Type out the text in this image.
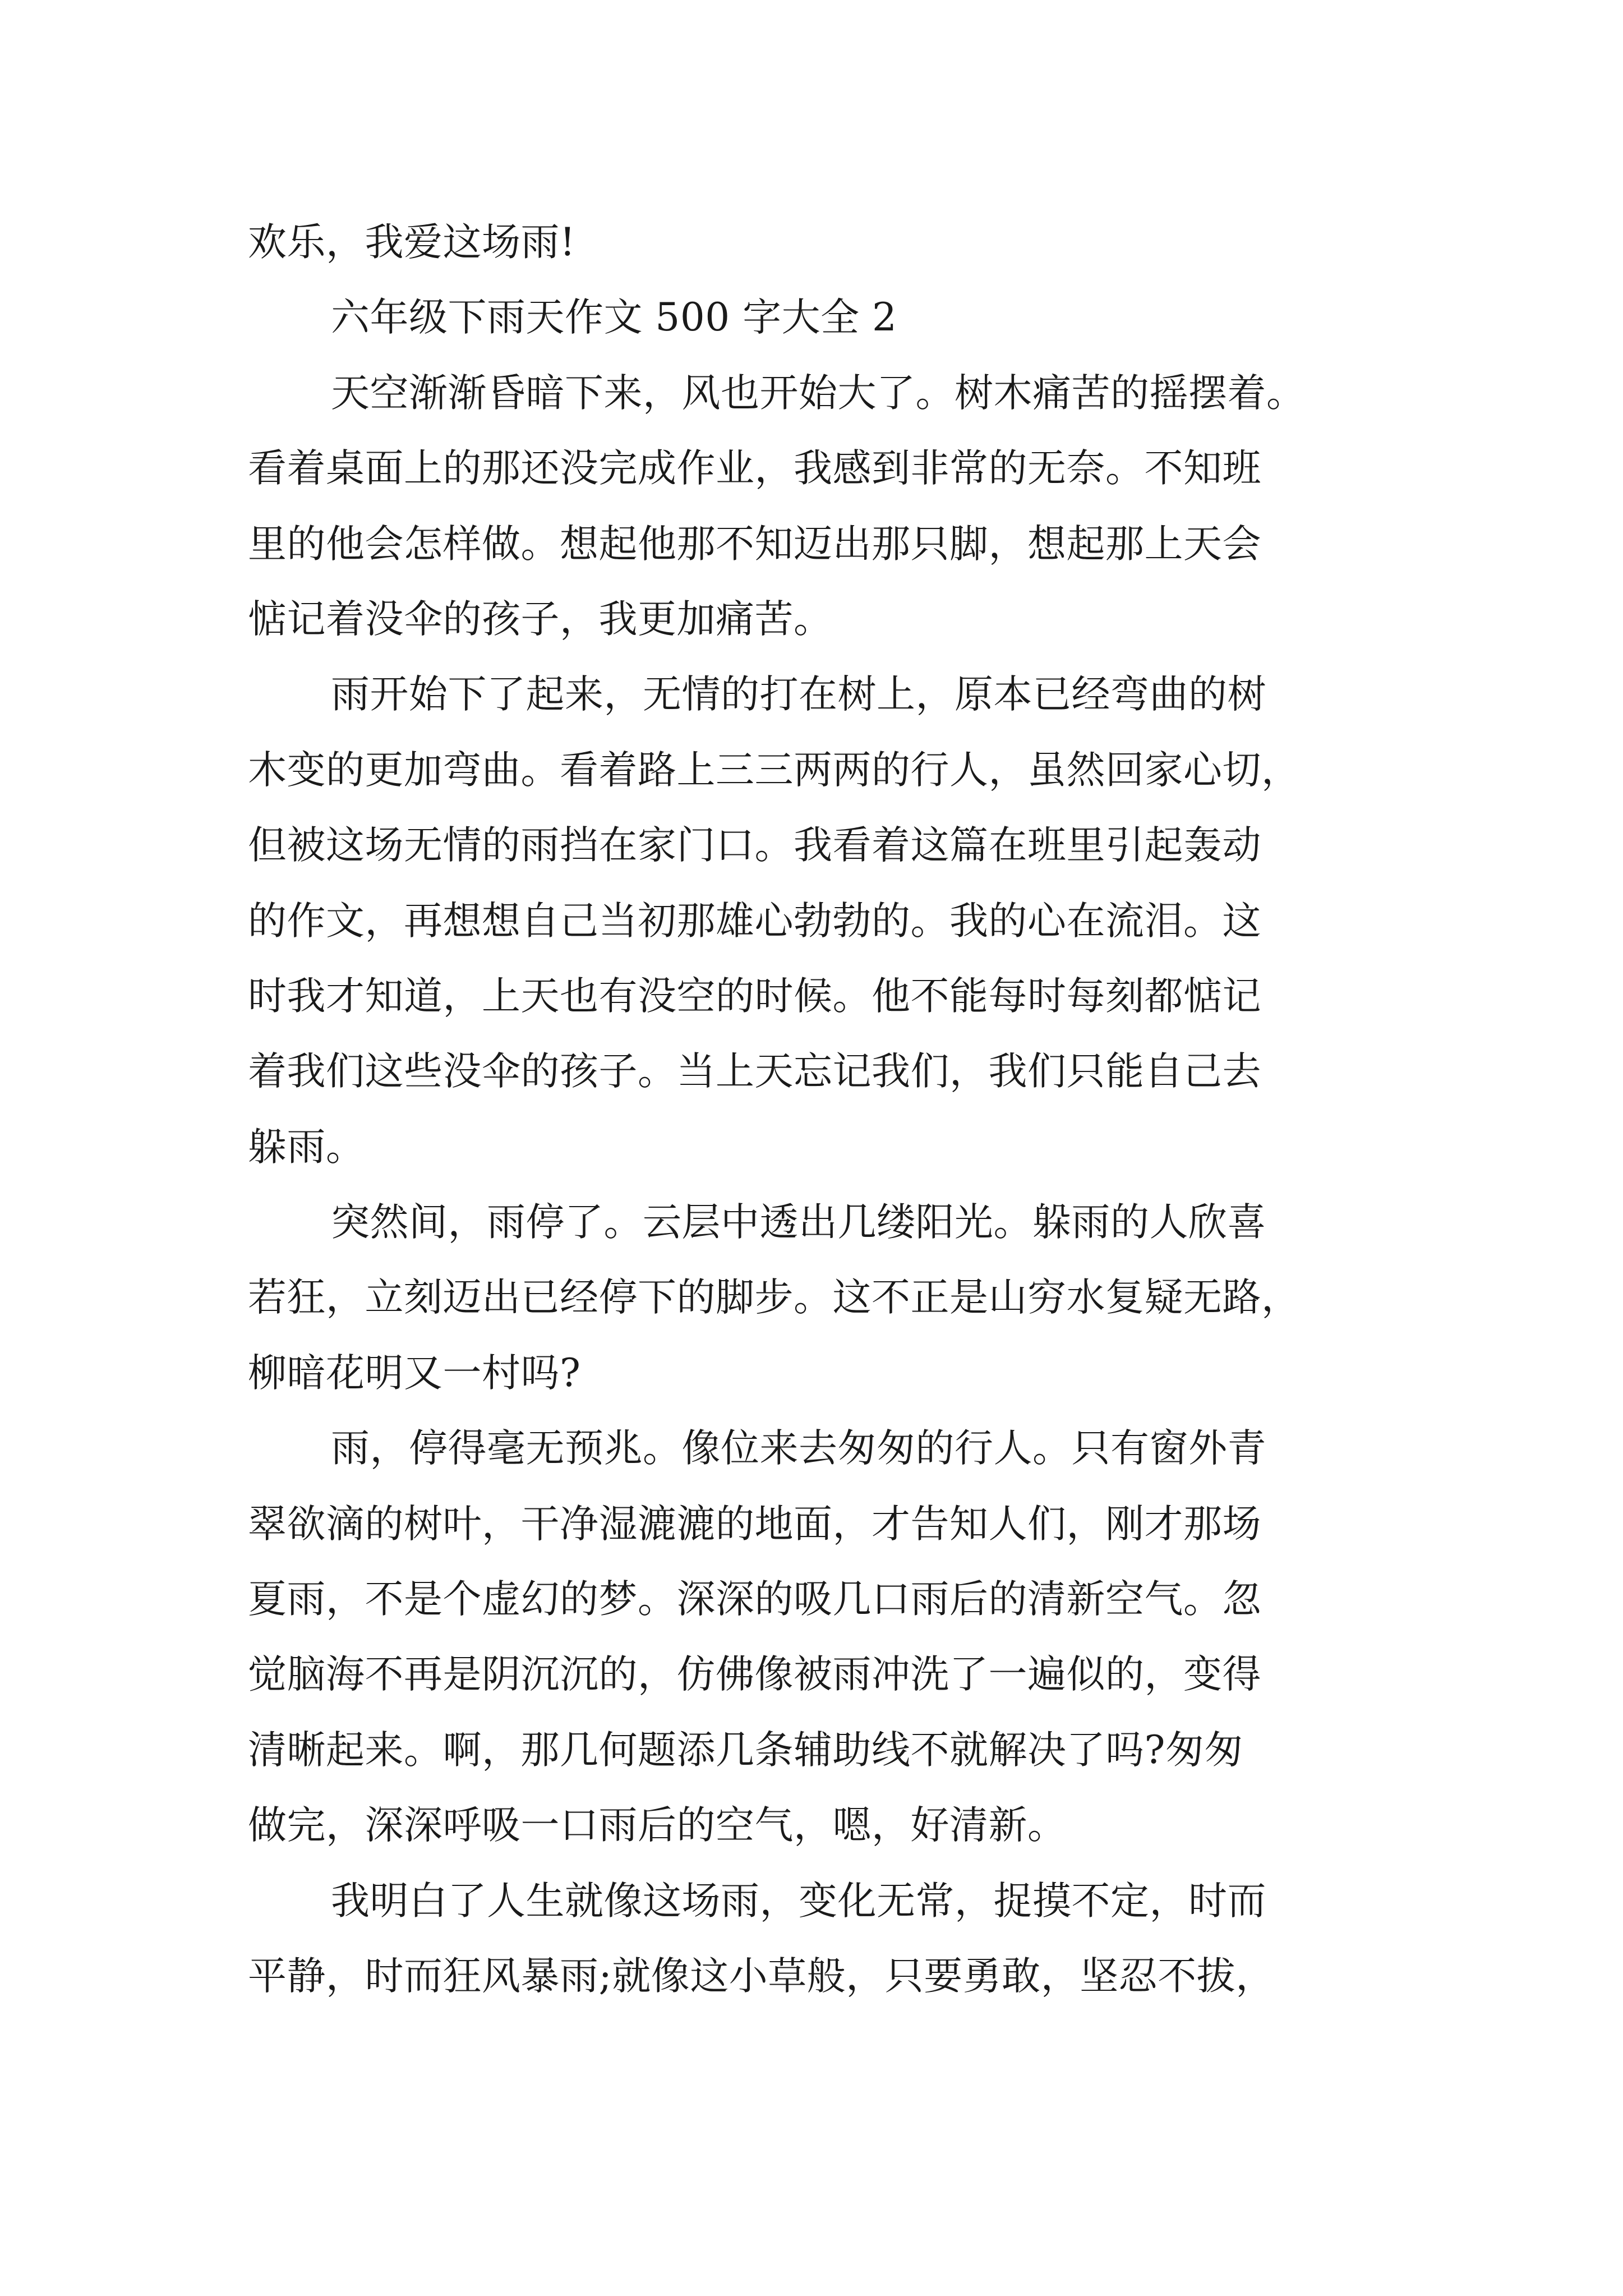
欢乐，我爱这场雨!
六年级下雨天作文 500 字大全 2
天空渐渐昏暗下来，风也开始大了。树木痛苦的摇摆着。
看着桌面上的那还没完成作业，我感到非常的无奈。不知班
里的他会怎样做。想起他那不知迈出那只脚，想起那上天会
惦记着没伞的孩子，我更加痛苦。
雨开始下了起来，无情的打在树上，原本已经弯曲的树
木变的更加弯曲。看着路上三三两两的行人，虽然回家心切，
但被这场无情的雨挡在家门口。我看着这篇在班里引起轰动
的作文，再想想自己当初那雄心勃勃的。我的心在流泪。这
时我才知道，上天也有没空的时候。他不能每时每刻都惦记
着我们这些没伞的孩子。当上天忘记我们，我们只能自己去
躲雨。
突然间，雨停了。云层中透出几缕阳光。躲雨的人欣喜
若狂，立刻迈出已经停下的脚步。这不正是山穷水复疑无路，
柳暗花明又一村吗?
雨，停得毫无预兆。像位来去匆匆的行人。只有窗外青
翠欲滴的树叶，干净湿漉漉的地面，才告知人们，刚才那场
夏雨，不是个虚幻的梦。深深的吸几口雨后的清新空气。忽
觉脑海不再是阴沉沉的，仿佛像被雨冲洗了一遍似的，变得
清晰起来。啊，那几何题添几条辅助线不就解决了吗?匆匆
做完，深深呼吸一口雨后的空气，嗯，好清新。
我明白了人生就像这场雨，变化无常，捉摸不定，时而
平静，时而狂风暴雨;就像这小草般，只要勇敢，坚忍不拔，
